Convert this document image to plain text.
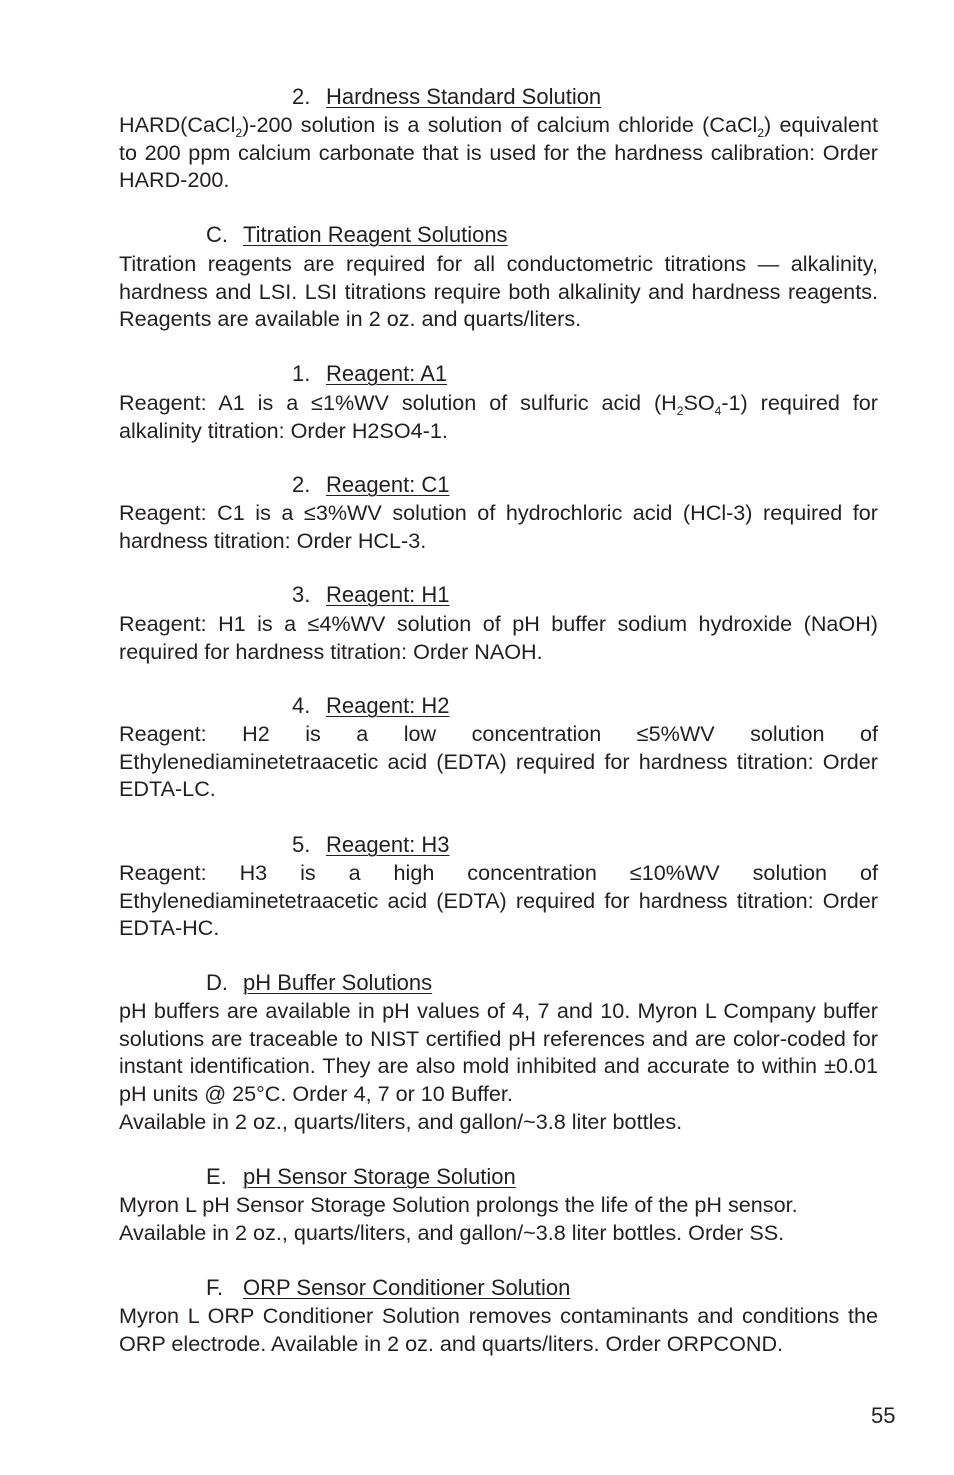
2. Hardness Standard Solution
HARD(CaCl$_2$)-200 solution is a solution of calcium chloride (CaCl$_2$) equivalent to 200 ppm calcium carbonate that is used for the hardness calibration: Order HARD-200.
C. Titration Reagent Solutions
Titration reagents are required for all conductometric titrations — alkalinity, hardness and LSI. LSI titrations require both alkalinity and hardness reagents. Reagents are available in 2 oz. and quarts/liters.
1. Reagent: A1
Reagent: A1 is a ≤1%WV solution of sulfuric acid $(H_2SO_4-1)$ required for alkalinity titration: Order H2SO4-1.
2. Reagent: C1
Reagent: C1 is a ≤3%WV solution of hydrochloric acid (HCl-3) required for hardness titration: Order HCL-3.
3. Reagent: H1
Reagent: H1 is a ≤4%WV solution of pH buffer sodium hydroxide (NaOH) required for hardness titration: Order NAOH.
4. Reagent: H2
Reagent: H2 is a low concentration ≤5%WV solution of Ethylenediaminetetraacetic acid (EDTA) required for hardness titration: Order EDTA-LC.
5. Reagent: H3
Reagent: H3 is a high concentration ≤10%WV solution of Ethylenediaminetetraacetic acid (EDTA) required for hardness titration: Order EDTA-HC.
D. pH Buffer Solutions
pH buffers are available in pH values of 4, 7 and 10. Myron L Company buffer solutions are traceable to NIST certified pH references and are color-coded for instant identification. They are also mold inhibited and accurate to within ±0.01 pH units @ 25°C. Order 4, 7 or 10 Buffer.
Available in 2 oz., quarts/liters, and gallon/~3.8 liter bottles.
E. pH Sensor Storage Solution
Myron L pH Sensor Storage Solution prolongs the life of the pH sensor. Available in 2 oz., quarts/liters, and gallon/~3.8 liter bottles. Order SS.
F. ORP Sensor Conditioner Solution
Myron L ORP Conditioner Solution removes contaminants and conditions the ORP electrode. Available in 2 oz. and quarts/liters. Order ORPCOND.
55
